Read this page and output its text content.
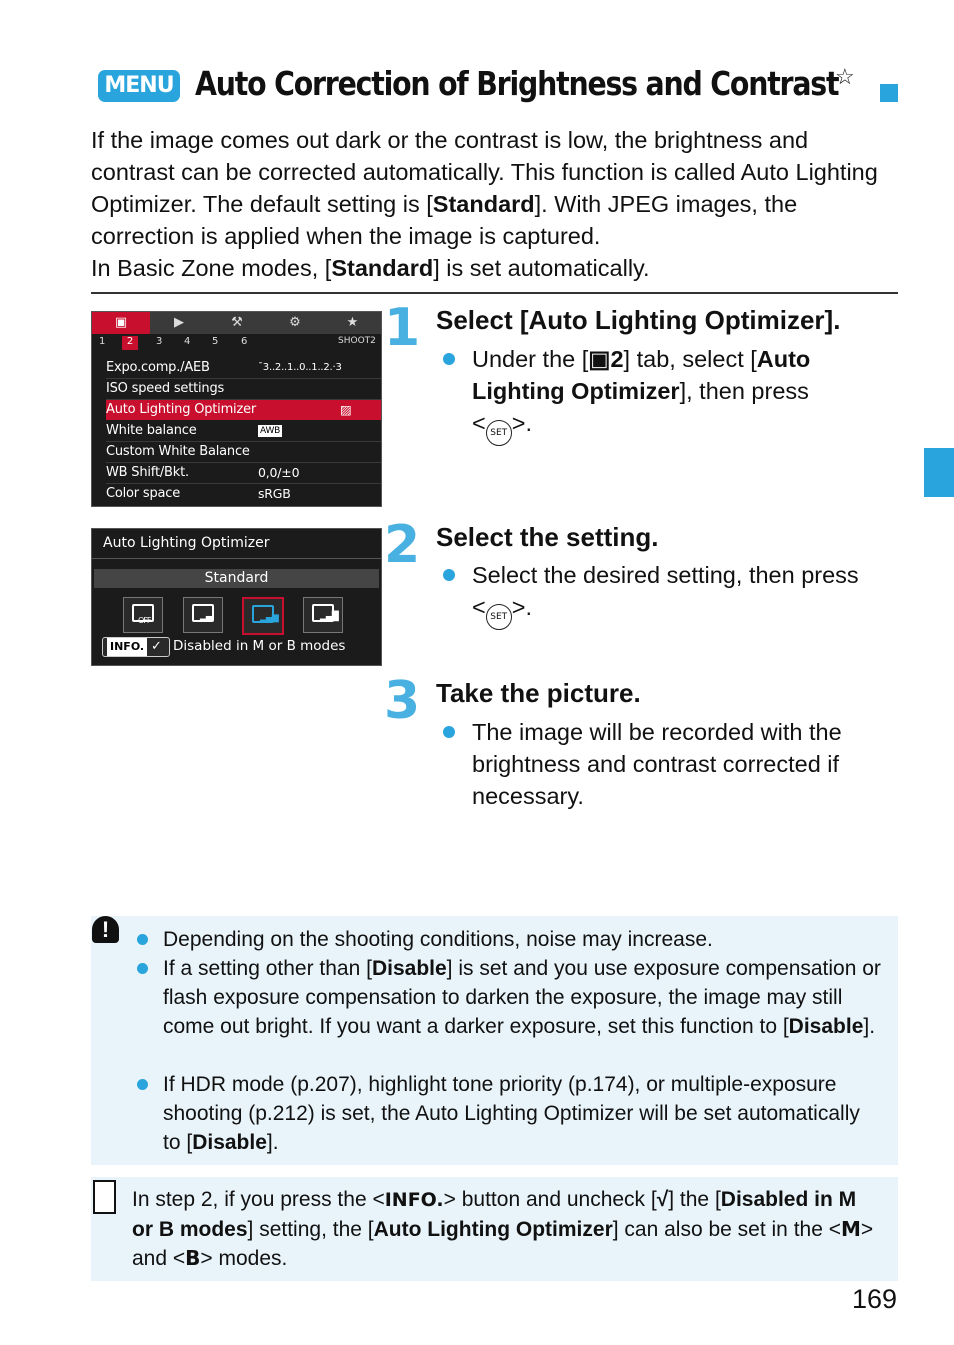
MENU Auto Correction of Brightness and Contrast
☆

If the image comes out dark or the contrast is low, the brightness and contrast can be corrected automatically. This function is called Auto Lighting Optimizer. The default setting is [Standard]. With JPEG images, the correction is applied when the image is captured.

In Basic Zone modes, [Standard] is set automatically.

▣	▶	⚒	⚙	★
1	2	3 4 5 6	SHOOT2
Expo.comp./AEB	¯3..2..1..0..1..2.·3
ISO speed settings
Auto Lighting Optimizer	▨
White balance	AWB
Custom White Balance
WB Shift/Bkt.	0,0/±0
Color space	sRGB
Auto Lighting Optimizer
Standard
OFF	▂▄	▂▄▆	▂▄█
INFO. ✓ Disabled in M or B modes
1 Select [Auto Lighting Optimizer].
Under the [▣2] tab, select [Auto Lighting Optimizer], then press
< SET >.
2 Select the setting.
Select the desired setting, then press
< SET >.
3 Take the picture.
The image will be recorded with the brightness and contrast corrected if necessary.
!	Depending on the shooting conditions, noise may increase.
If a setting other than [Disable] is set and you use exposure compensation or flash exposure compensation to darken the exposure, the image may still come out bright. If you want a darker exposure, set this function to [Disable].
If HDR mode (p.207), highlight tone priority (p.174), or multiple-exposure shooting (p.212) is set, the Auto Lighting Optimizer will be set automatically to [Disable].
In step 2, if you press the <INFO.> button and uncheck [√] the [Disabled in M or B modes] setting, the [Auto Lighting Optimizer] can also be set in the <M> and <B> modes.
169
